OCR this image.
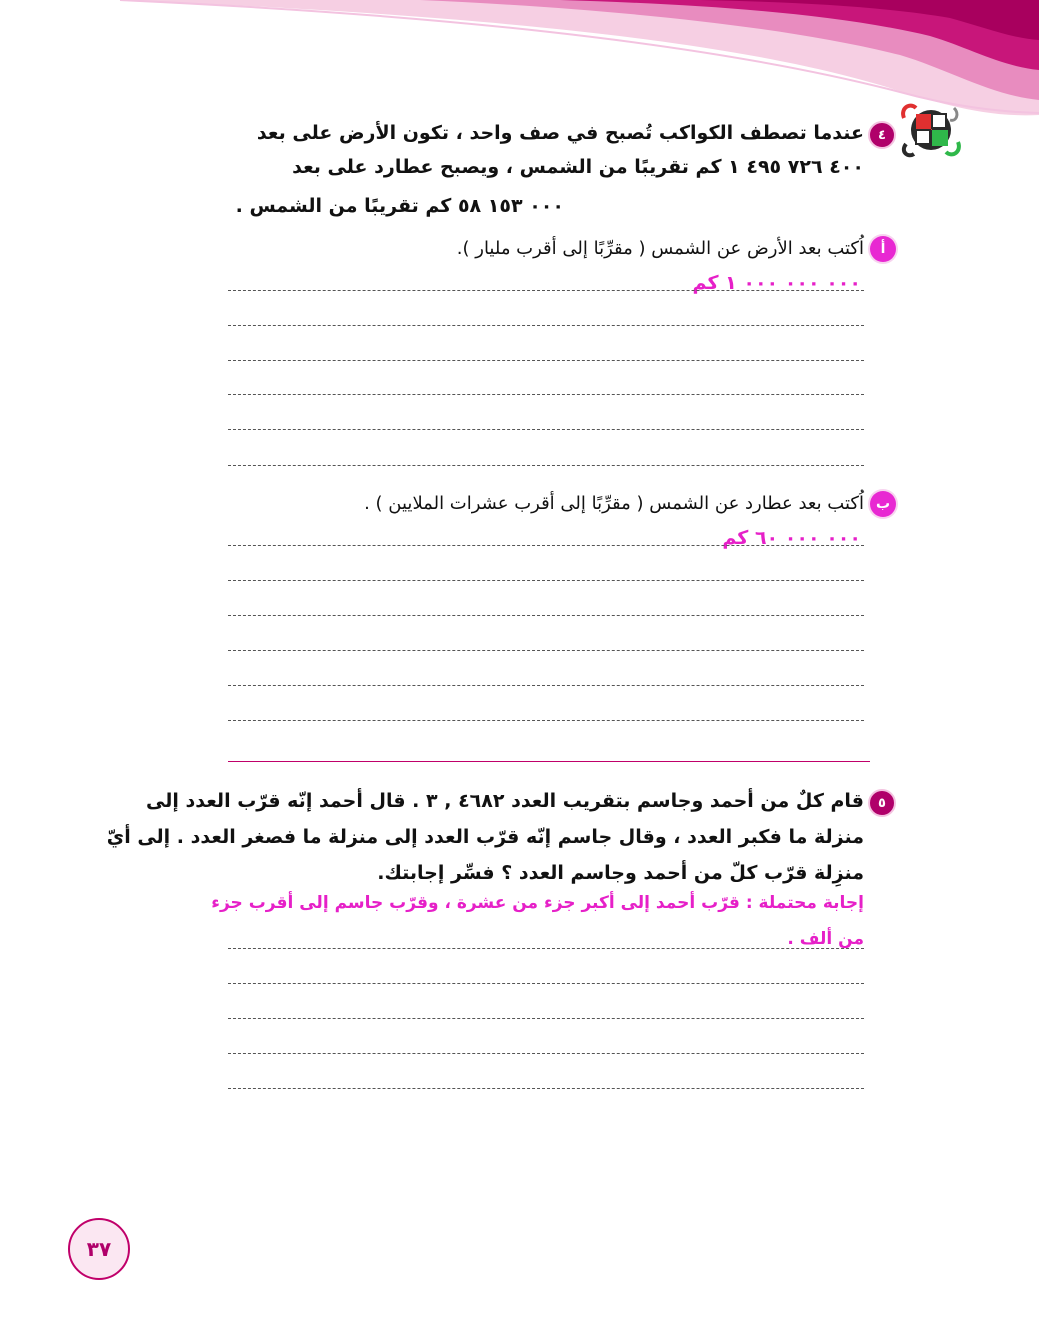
٤
عندما تصطف الكواكب تُصبح في صف واحد ، تكون الأرض على بعد
٤٠٠ ٧٢٦ ٤٩٥ ١ كم تقريبًا من الشمس ، ويصبح عطارد على بعد
٠٠٠ ١٥٣ ٥٨ كم تقريبًا من الشمس .
أ
اُكتب بعد الأرض عن الشمس ( مقرِّبًا إلى أقرب مليار ).
٠٠٠ ٠٠٠ ٠٠٠ ١ كم
ب
اُكتب بعد عطارد عن الشمس ( مقرِّبًا إلى أقرب عشرات الملايين ) .
٠٠٠ ٠٠٠ ٦٠ كم
٥
قام كلٌ من أحمد وجاسم بتقريب العدد ٤٦٨٢ , ٣ . قال أحمد إنّه قرّب العدد إلى
منزلة ما فكبر العدد ، وقال جاسم إنّه قرّب العدد إلى منزلة ما فصغر العدد . إلى أيّ
منزِلة قرّب كلّ من أحمد وجاسم العدد ؟ فسِّر إجابتك.
إجابة محتملة : قرّب أحمد إلى أكبر جزء من عشرة ، وقرّب جاسم إلى أقرب جزء
من ألف .
٣٧
